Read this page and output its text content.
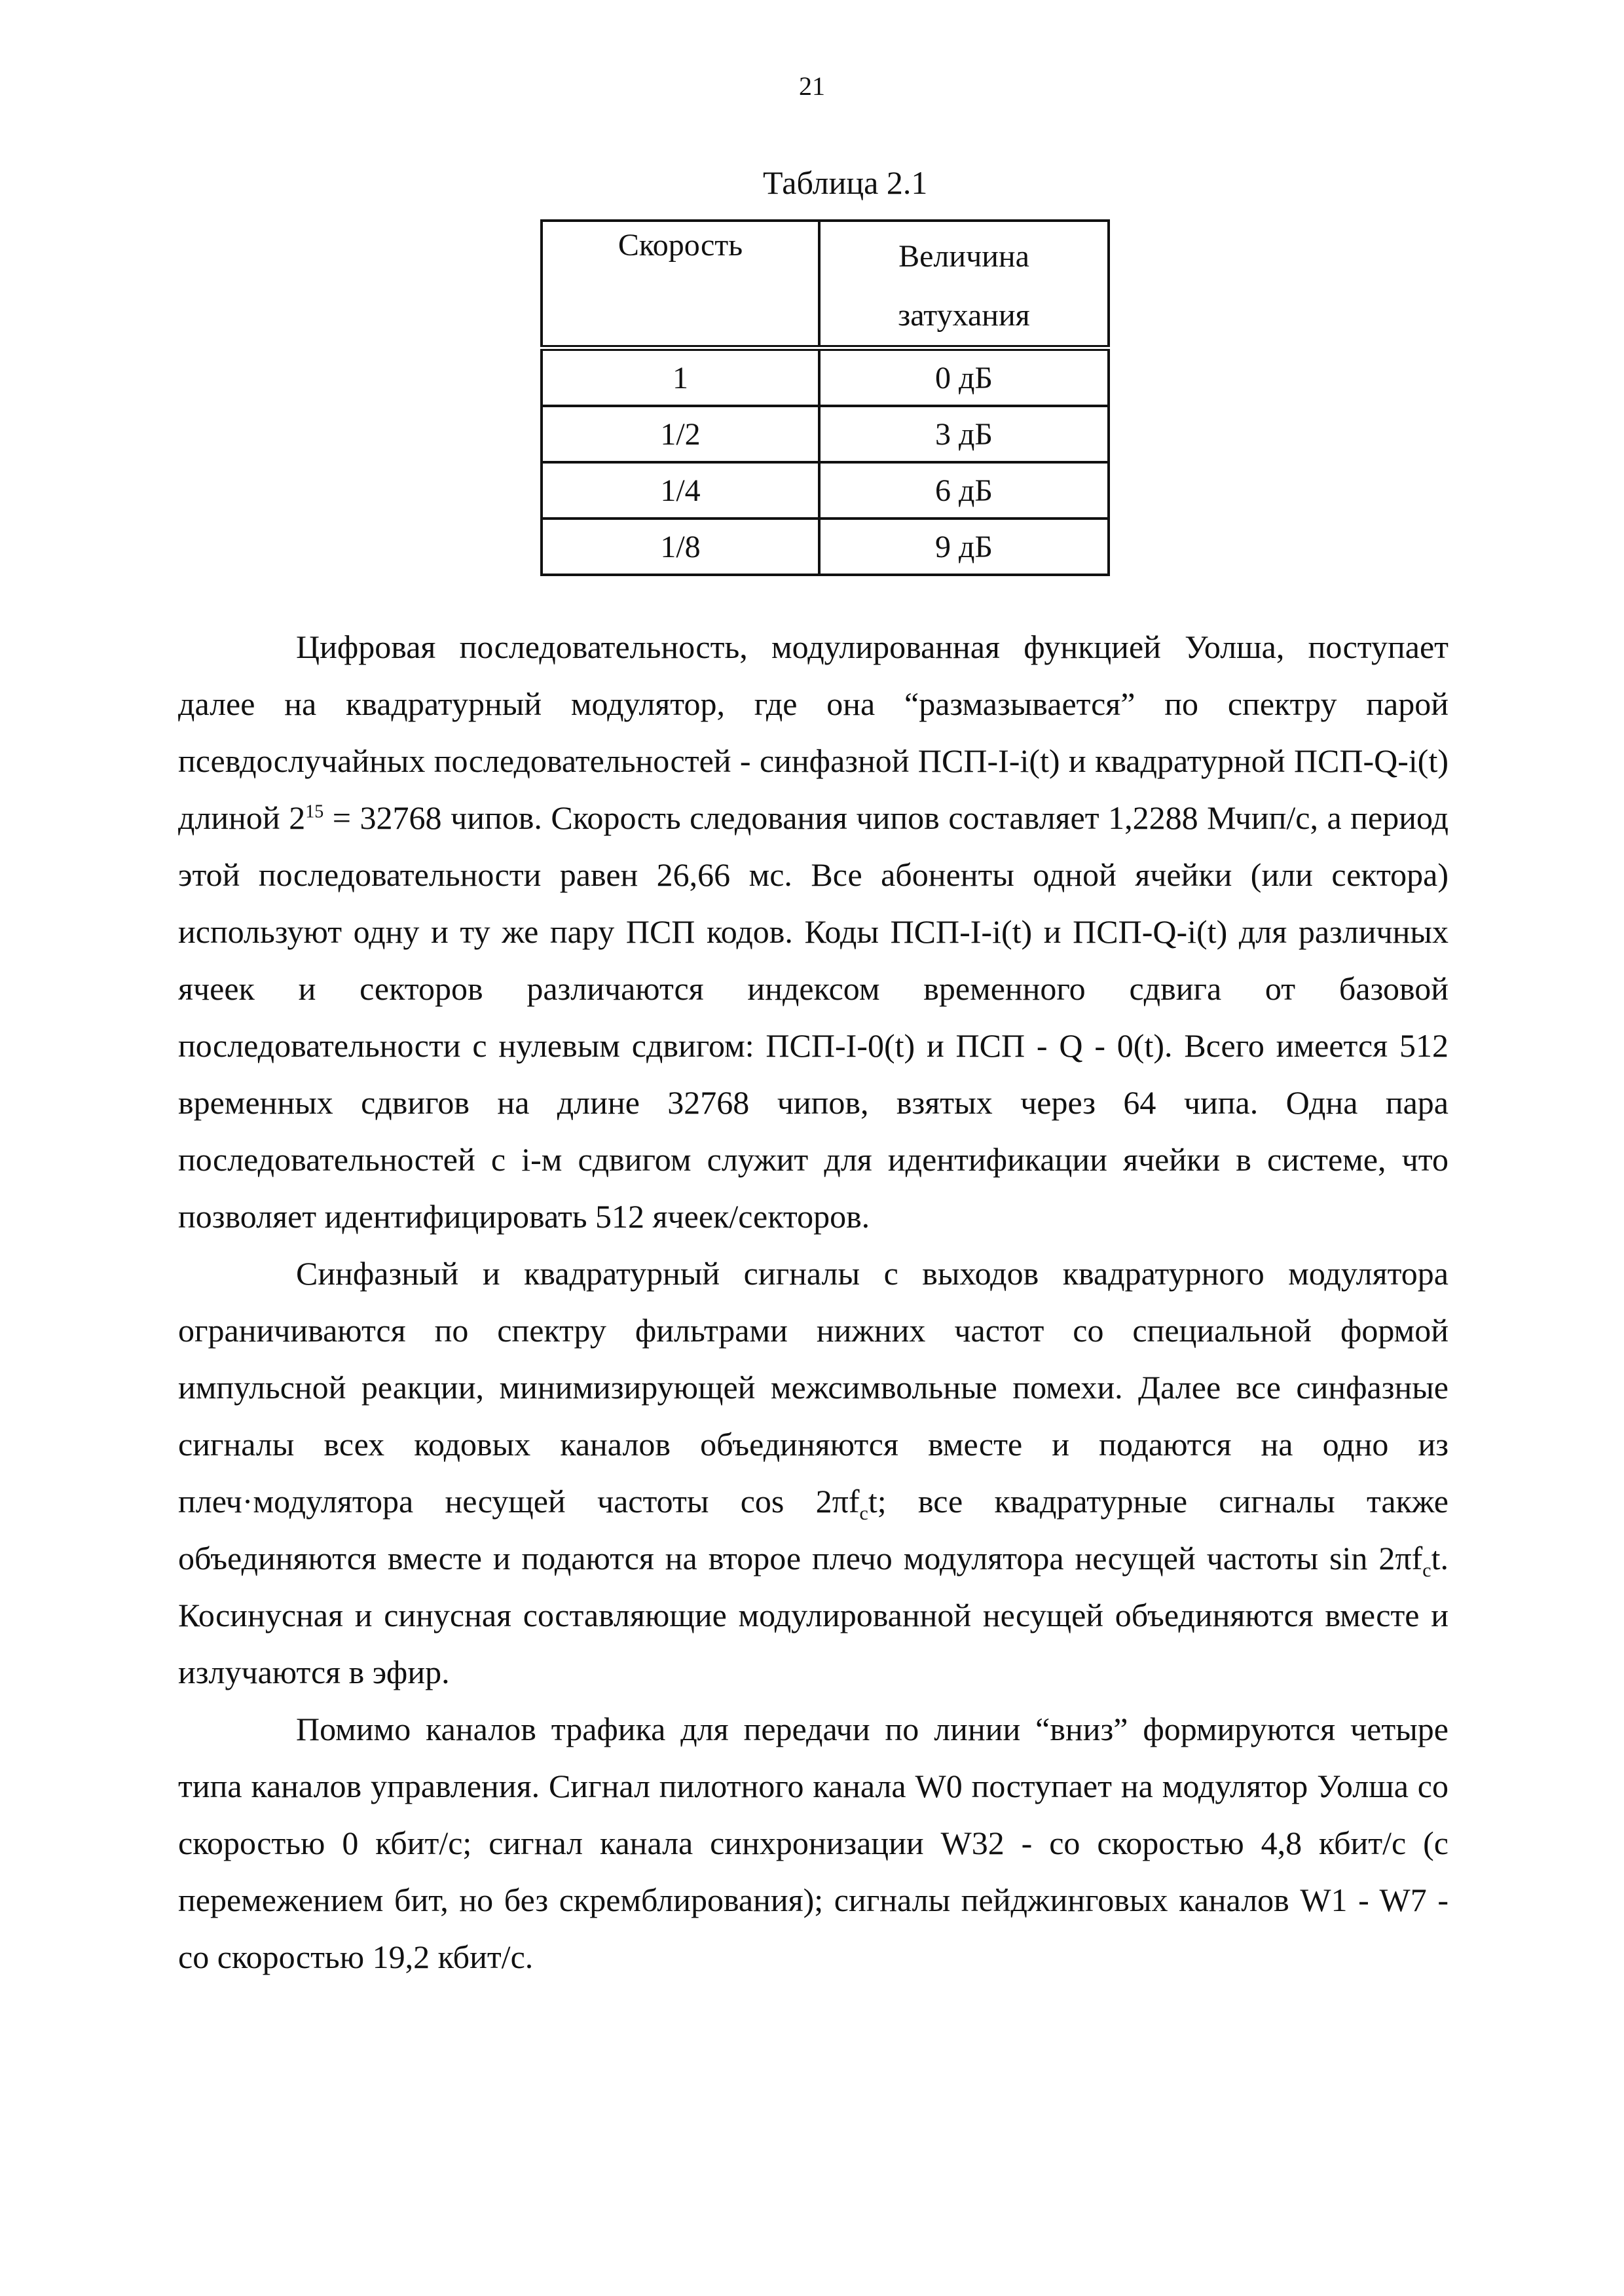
21
Таблица 2.1
Скорость	Величина
затухания

1	0 дБ
1/2	3 дБ
1/4	6 дБ
1/8	9 дБ

Цифровая последовательность, модулированная функцией Уолша, поступает далее на квадратурный модулятор, где она “размазывается” по спектру парой псевдослучайных последовательностей - синфазной ПСП-I-i(t) и квадратурной ПСП-Q-i(t) длиной $2^{15} = 32768$ чипов. Скорость следования чипов составляет 1,2288 Мчип/с, а период этой последовательности равен 26,66 мс. Все абоненты одной ячейки (или сектора) используют одну и ту же пару ПСП кодов. Коды ПСП-I-i(t) и ПСП-Q-i(t) для различных ячеек и секторов различаются индексом временного сдвига от базовой последовательности с нулевым сдвигом: ПСП-I-0(t) и ПСП - Q - 0(t). Всего имеется 512 временных сдвигов на длине 32768 чипов, взятых через 64 чипа. Одна пара последовательностей с i-м сдвигом служит для идентификации ячейки в системе, что позволяет идентифицировать 512 ячеек/секторов.

Синфазный и квадратурный сигналы с выходов квадратурного модулятора ограничиваются по спектру фильтрами нижних частот со специальной формой импульсной реакции, минимизирующей межсимвольные помехи. Далее все синфазные сигналы всех кодовых каналов объединяются вместе и подаются на одно из плеч·модулятора несущей частоты $\cos 2\pi f_ct$; все квадратурные сигналы также объединяются вместе и подаются на второе плечо модулятора несущей частоты $\sin 2\pi f_ct$. Косинусная и синусная составляющие модулированной несущей объединяются вместе и излучаются в эфир.

Помимо каналов трафика для передачи по линии “вниз” формируются четыре типа каналов управления. Сигнал пилотного канала W0 поступает на модулятор Уолша со скоростью 0 кбит/с; сигнал канала синхронизации W32 - со скоростью 4,8 кбит/с (с перемежением бит, но без скремблирования); сигналы пейджинговых каналов W1 - W7 - со скоростью 19,2 кбит/с.
